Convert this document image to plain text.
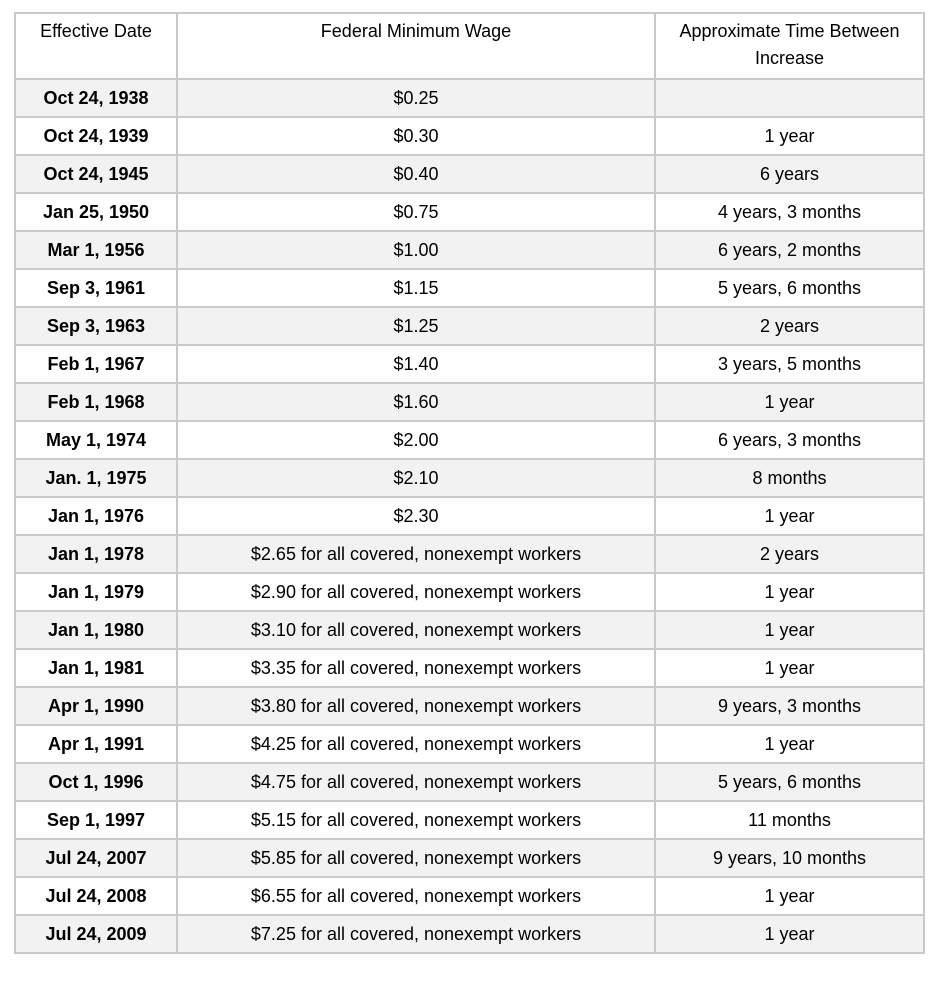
Effective Date	Federal Minimum Wage	Approximate Time Between Increase
Oct 24, 1938	$0.25	
Oct 24, 1939	$0.30	1 year
Oct 24, 1945	$0.40	6 years
Jan 25, 1950	$0.75	4 years, 3 months
Mar 1, 1956	$1.00	6 years, 2 months
Sep 3, 1961	$1.15	5 years, 6 months
Sep 3, 1963	$1.25	2 years
Feb 1, 1967	$1.40	3 years, 5 months
Feb 1, 1968	$1.60	1 year
May 1, 1974	$2.00	6 years, 3 months
Jan. 1, 1975	$2.10	8 months
Jan 1, 1976	$2.30	1 year
Jan 1, 1978	$2.65 for all covered, nonexempt workers	2 years
Jan 1, 1979	$2.90 for all covered, nonexempt workers	1 year
Jan 1, 1980	$3.10 for all covered, nonexempt workers	1 year
Jan 1, 1981	$3.35 for all covered, nonexempt workers	1 year
Apr 1, 1990	$3.80 for all covered, nonexempt workers	9 years, 3 months
Apr 1, 1991	$4.25 for all covered, nonexempt workers	1 year
Oct 1, 1996	$4.75 for all covered, nonexempt workers	5 years, 6 months
Sep 1, 1997	$5.15 for all covered, nonexempt workers	11 months
Jul 24, 2007	$5.85 for all covered, nonexempt workers	9 years, 10 months
Jul 24, 2008	$6.55 for all covered, nonexempt workers	1 year
Jul 24, 2009	$7.25 for all covered, nonexempt workers	1 year
